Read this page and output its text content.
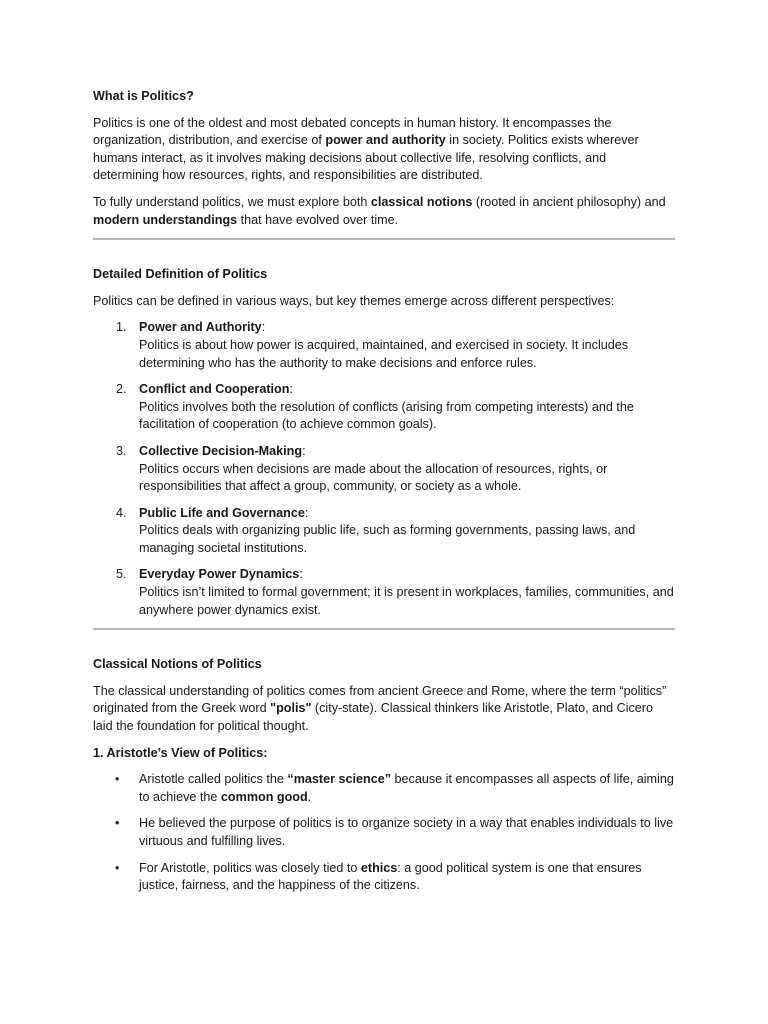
What is Politics?

Politics is one of the oldest and most debated concepts in human history. It encompasses the organization, distribution, and exercise of power and authority in society. Politics exists wherever humans interact, as it involves making decisions about collective life, resolving conflicts, and determining how resources, rights, and responsibilities are distributed.

To fully understand politics, we must explore both classical notions (rooted in ancient philosophy) and modern understandings that have evolved over time.

Detailed Definition of Politics

Politics can be defined in various ways, but key themes emerge across different perspectives:

1. Power and Authority:
Politics is about how power is acquired, maintained, and exercised in society. It includes determining who has the authority to make decisions and enforce rules.
2. Conflict and Cooperation:
Politics involves both the resolution of conflicts (arising from competing interests) and the facilitation of cooperation (to achieve common goals).
3. Collective Decision-Making:
Politics occurs when decisions are made about the allocation of resources, rights, or responsibilities that affect a group, community, or society as a whole.
4. Public Life and Governance:
Politics deals with organizing public life, such as forming governments, passing laws, and managing societal institutions.
5. Everyday Power Dynamics:
Politics isn’t limited to formal government; it is present in workplaces, families, communities, and anywhere power dynamics exist.
Classical Notions of Politics

The classical understanding of politics comes from ancient Greece and Rome, where the term “politics” originated from the Greek word "polis" (city-state). Classical thinkers like Aristotle, Plato, and Cicero laid the foundation for political thought.

1. Aristotle’s View of Politics:
• Aristotle called politics the “master science” because it encompasses all aspects of life, aiming to achieve the common good.
• He believed the purpose of politics is to organize society in a way that enables individuals to live virtuous and fulfilling lives.
• For Aristotle, politics was closely tied to ethics: a good political system is one that ensures justice, fairness, and the happiness of the citizens.
